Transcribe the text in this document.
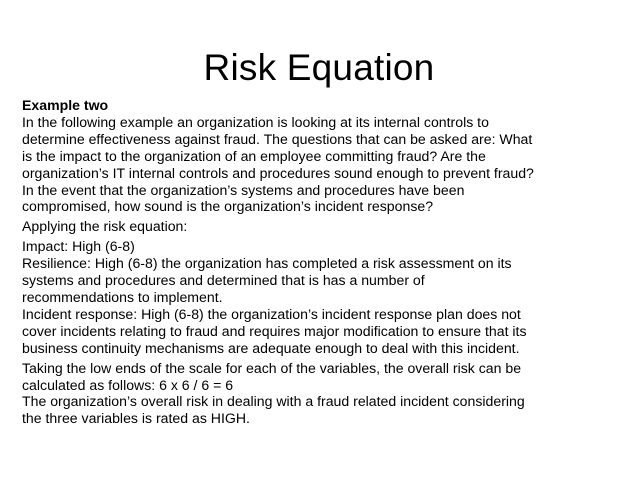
Risk Equation
Example two
In the following example an organization is looking at its internal controls to
determine effectiveness against fraud. The questions that can be asked are: What
is the impact to the organization of an employee committing fraud? Are the
organization’s IT internal controls and procedures sound enough to prevent fraud?
In the event that the organization’s systems and procedures have been
compromised, how sound is the organization’s incident response?
Applying the risk equation:
Impact: High (6-8)
Resilience: High (6-8) the organization has completed a risk assessment on its
systems and procedures and determined that is has a number of
recommendations to implement.
Incident response: High (6-8) the organization’s incident response plan does not
cover incidents relating to fraud and requires major modification to ensure that its
business continuity mechanisms are adequate enough to deal with this incident.
Taking the low ends of the scale for each of the variables, the overall risk can be
calculated as follows: 6 x 6 / 6 = 6
The organization’s overall risk in dealing with a fraud related incident considering
the three variables is rated as HIGH.
